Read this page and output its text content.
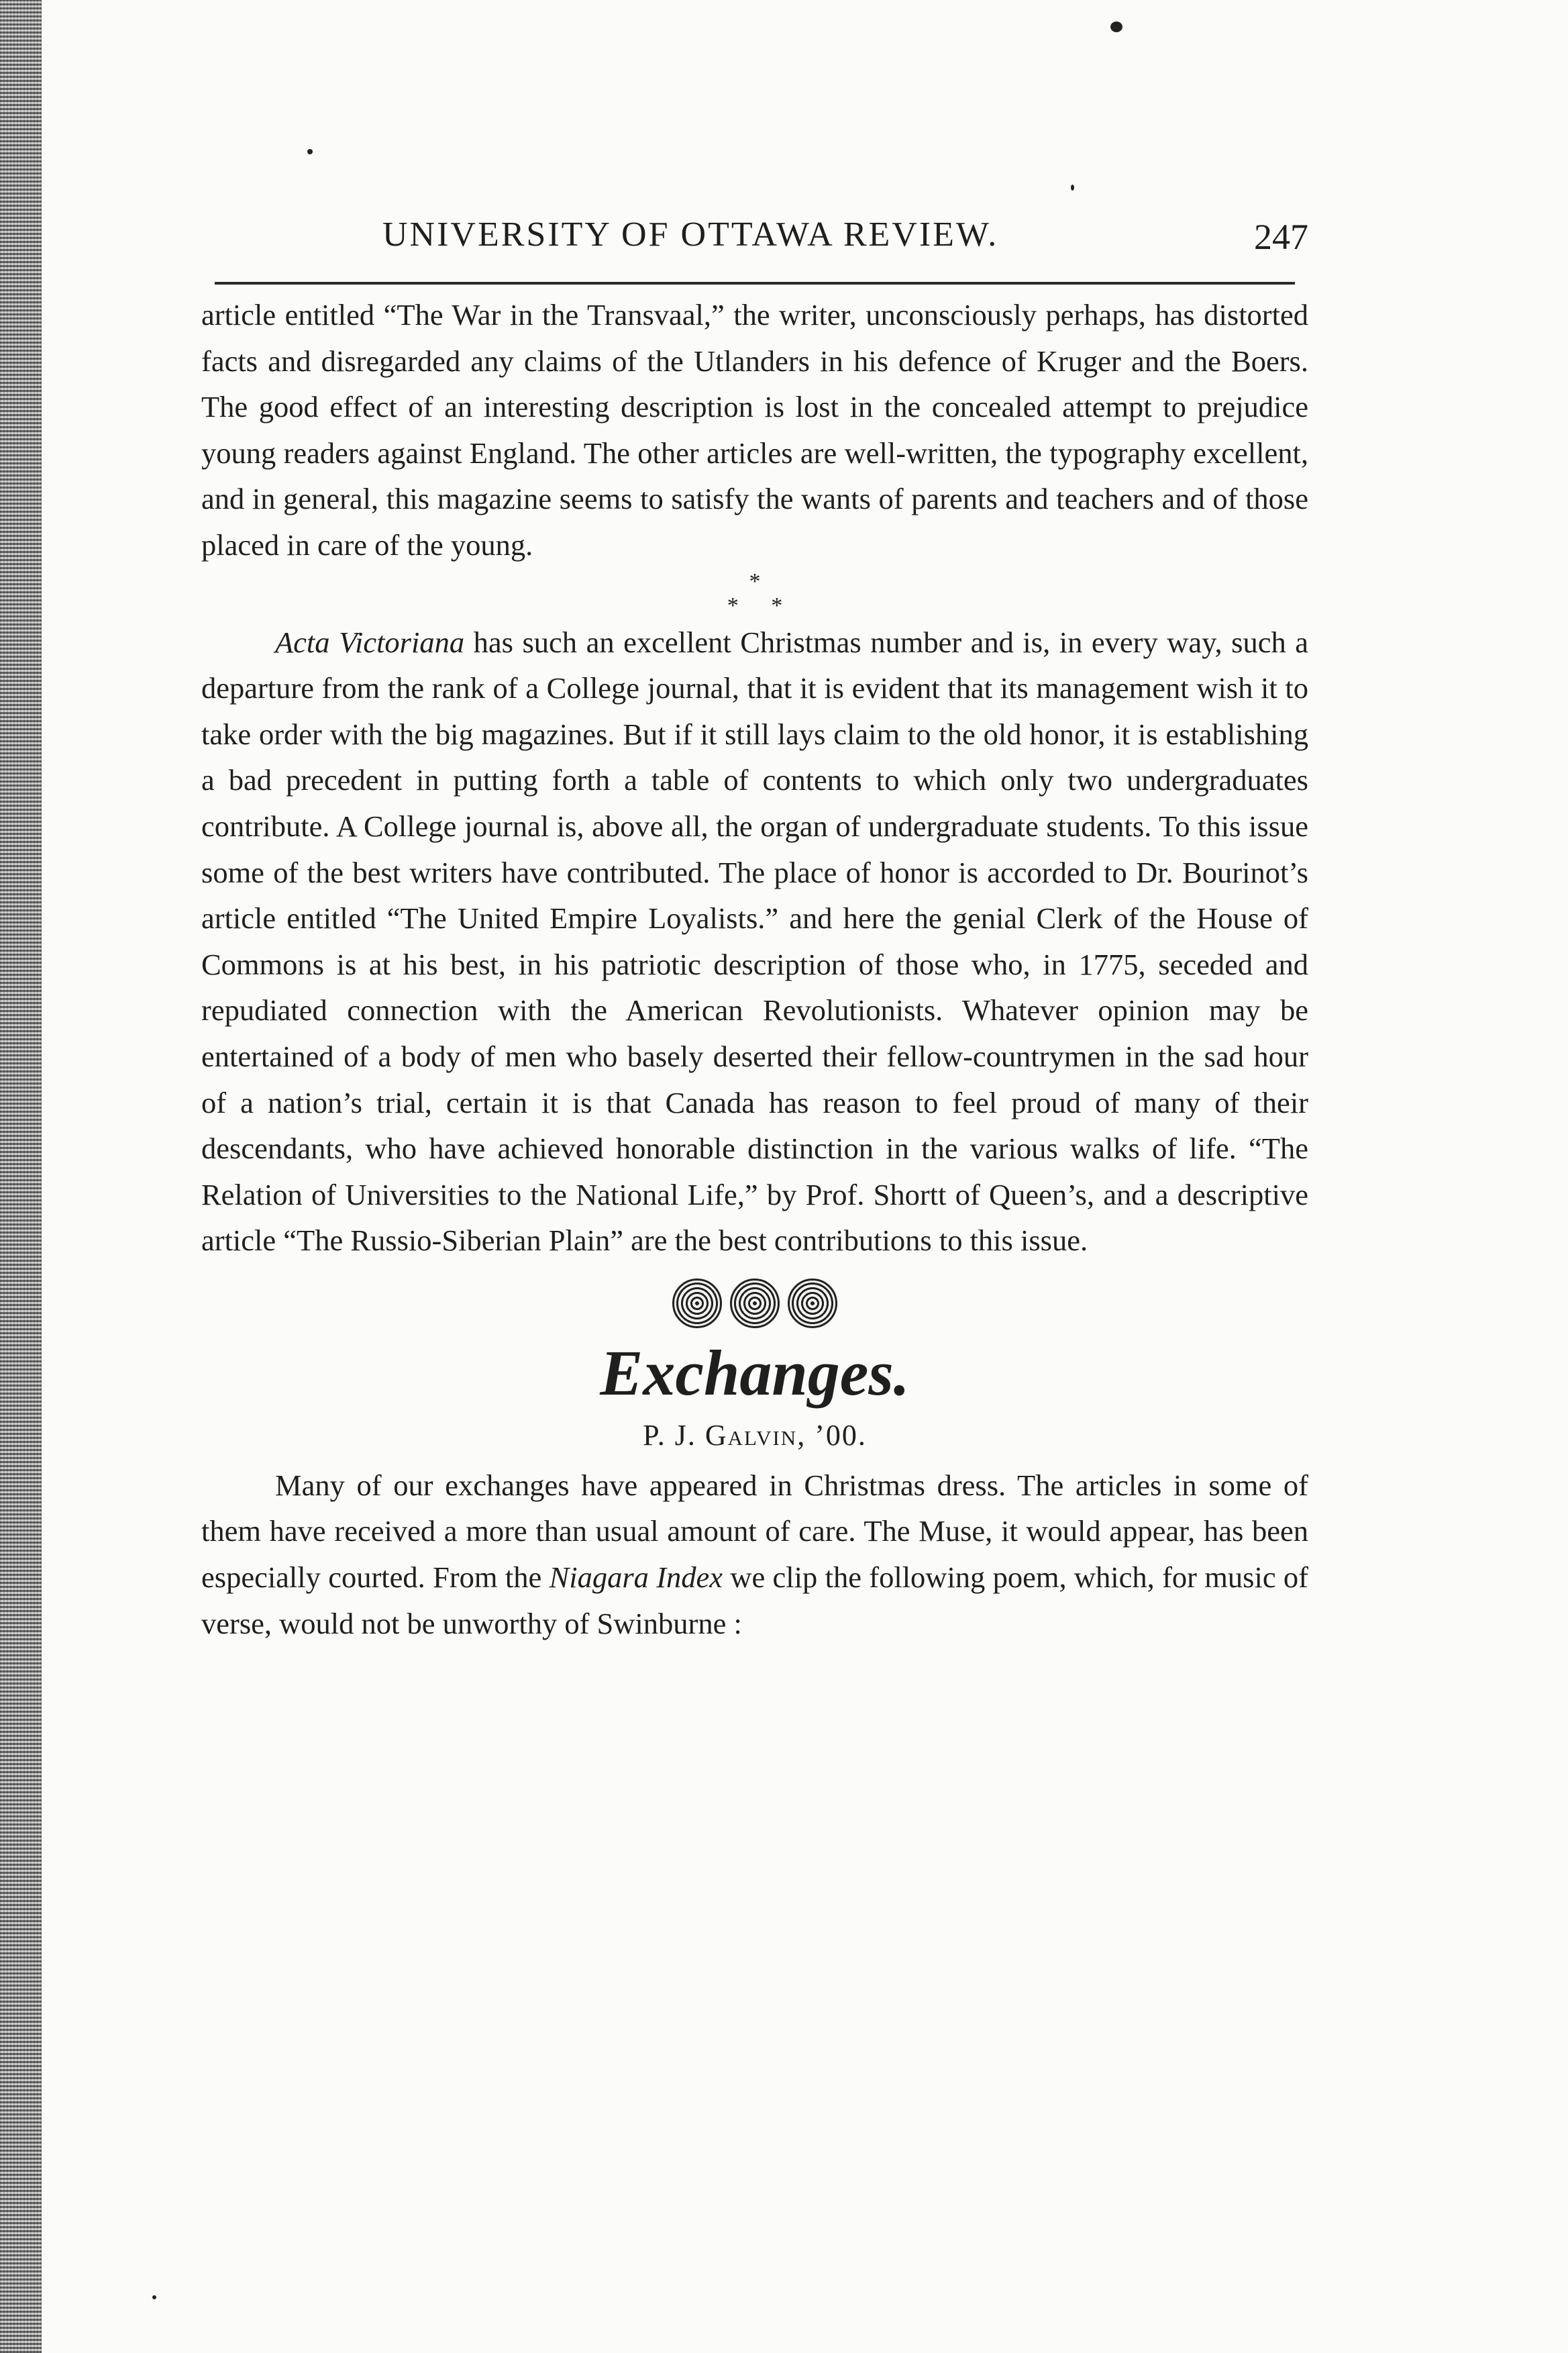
UNIVERSITY OF OTTAWA REVIEW.	247

article entitled “The War in the Transvaal,” the writer, unconsciously perhaps, has distorted facts and disregarded any claims of the Utlanders in his defence of Kruger and the Boers. The good effect of an interesting description is lost in the concealed attempt to prejudice young readers against England. The other articles are well-written, the typography excellent, and in general, this magazine seems to satisfy the wants of parents and teachers and of those placed in care of the young.

*
* *

Acta Victoriana has such an excellent Christmas number and is, in every way, such a departure from the rank of a College journal, that it is evident that its management wish it to take order with the big magazines. But if it still lays claim to the old honor, it is establishing a bad precedent in putting forth a table of contents to which only two undergraduates contribute. A College journal is, above all, the organ of undergraduate students. To this issue some of the best writers have contributed. The place of honor is accorded to Dr. Bourinot’s article entitled “The United Empire Loyalists.” and here the genial Clerk of the House of Commons is at his best, in his patriotic description of those who, in 1775, seceded and repudiated connection with the American Revolutionists. Whatever opinion may be entertained of a body of men who basely deserted their fellow-countrymen in the sad hour of a nation’s trial, certain it is that Canada has reason to feel proud of many of their descendants, who have achieved honorable distinction in the various walks of life. “The Relation of Universities to the National Life,” by Prof. Shortt of Queen’s, and a descriptive article “The Russio-Siberian Plain” are the best contributions to this issue.

Exchanges.
P. J. Galvin, ’00.

Many of our exchanges have appeared in Christmas dress. The articles in some of them have received a more than usual amount of care. The Muse, it would appear, has been especially courted. From the Niagara Index we clip the following poem, which, for music of verse, would not be unworthy of Swinburne :
